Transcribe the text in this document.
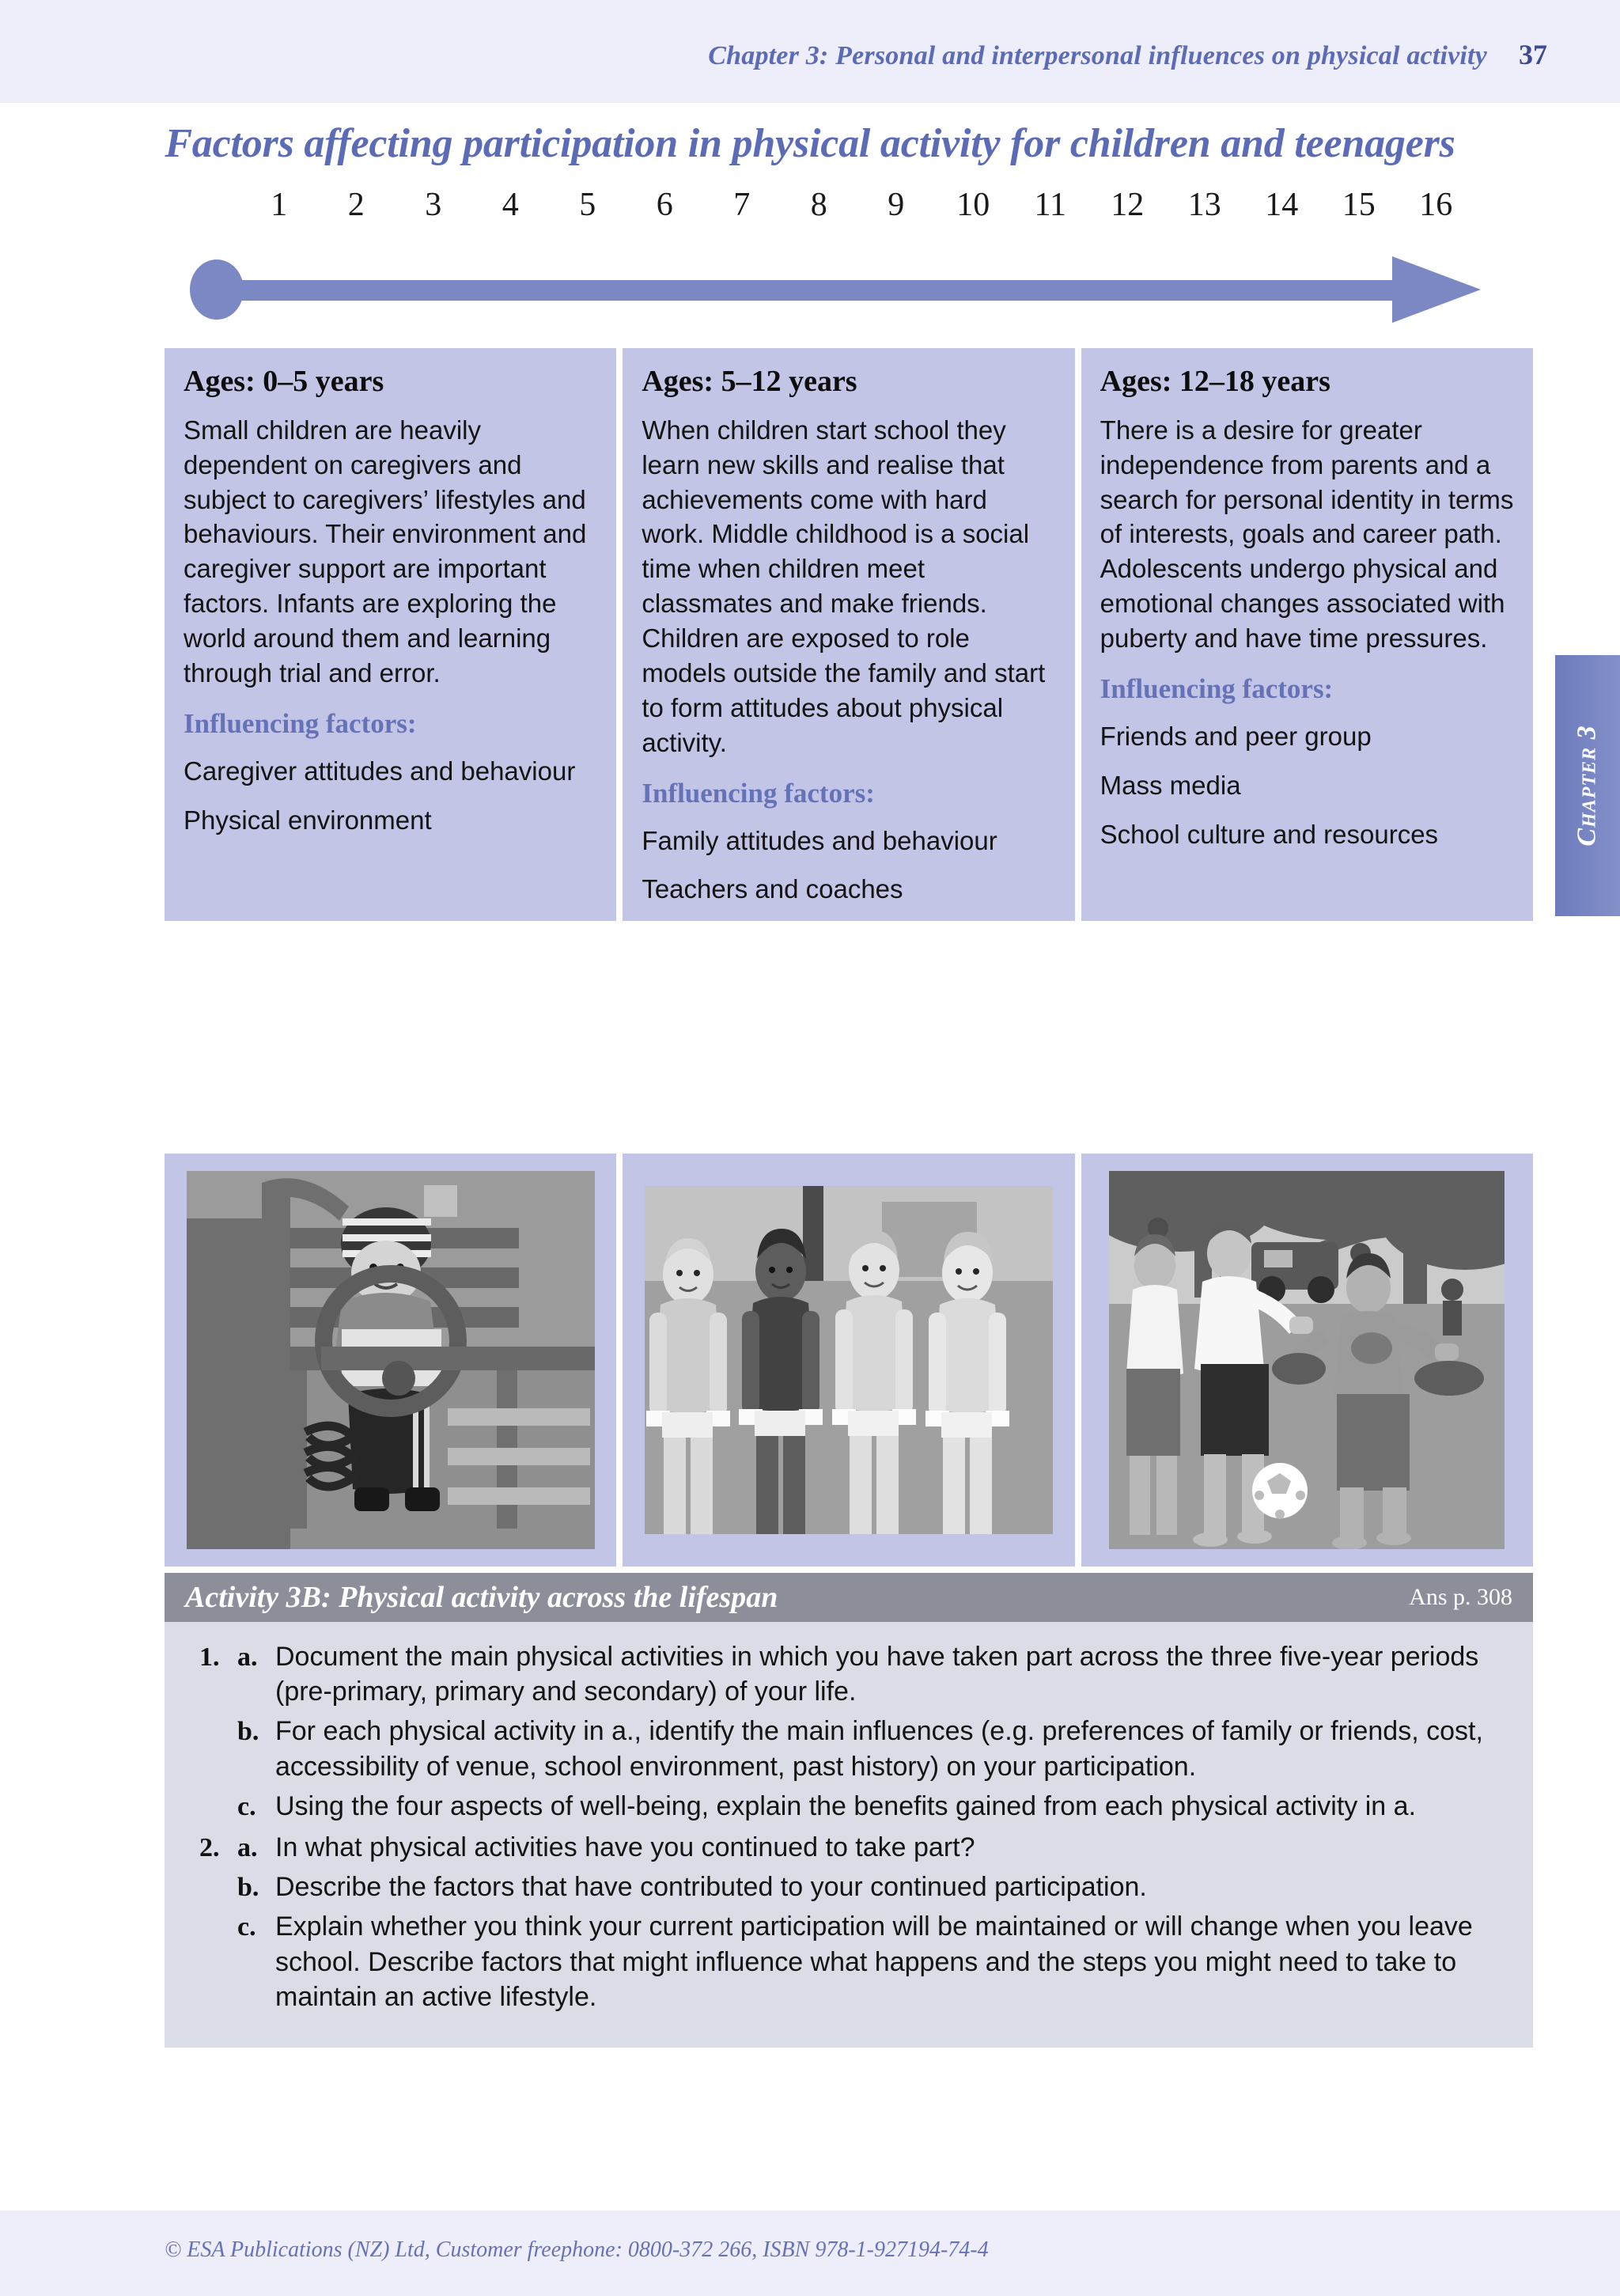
Chapter 3: Personal and interpersonal influences on physical activity 37
Factors affecting participation in physical activity for children and teenagers
1 2 3 4 5 6 7 8 9 10 11 12 13 14 15 16
Ages: 0–5 years
Small children are heavily dependent on caregivers and subject to caregivers’ lifestyles and behaviours. Their environment and caregiver support are important factors. Infants are exploring the world around them and learning through trial and error.
Influencing factors:
Caregiver attitudes and behaviour
Physical environment
Ages: 5–12 years
When children start school they learn new skills and realise that achievements come with hard work. Middle childhood is a social time when children meet classmates and make friends. Children are exposed to role models outside the family and start to form attitudes about physical activity.
Influencing factors:
Family attitudes and behaviour
Teachers and coaches
Ages: 12–18 years
There is a desire for greater independence from parents and a search for personal identity in terms of interests, goals and career path. Adolescents undergo physical and emotional changes associated with puberty and have time pressures.
Influencing factors:
Friends and peer group
Mass media
School culture and resources	Chapter 3
Activity 3B: Physical activity across the lifespan	Ans p. 308
1. a. Document the main physical activities in which you have taken part across the three five-year periods (pre-primary, primary and secondary) of your life.
b. For each physical activity in a., identify the main influences (e.g. preferences of family or friends, cost, accessibility of venue, school environment, past history) on your participation.
c. Using the four aspects of well-being, explain the benefits gained from each physical activity in a.
2. a. In what physical activities have you continued to take part?
b. Describe the factors that have contributed to your continued participation.
c. Explain whether you think your current participation will be maintained or will change when you leave school. Describe factors that might influence what happens and the steps you might need to take to maintain an active lifestyle.
© ESA Publications (NZ) Ltd, Customer freephone: 0800-372 266, ISBN 978-1-927194-74-4
